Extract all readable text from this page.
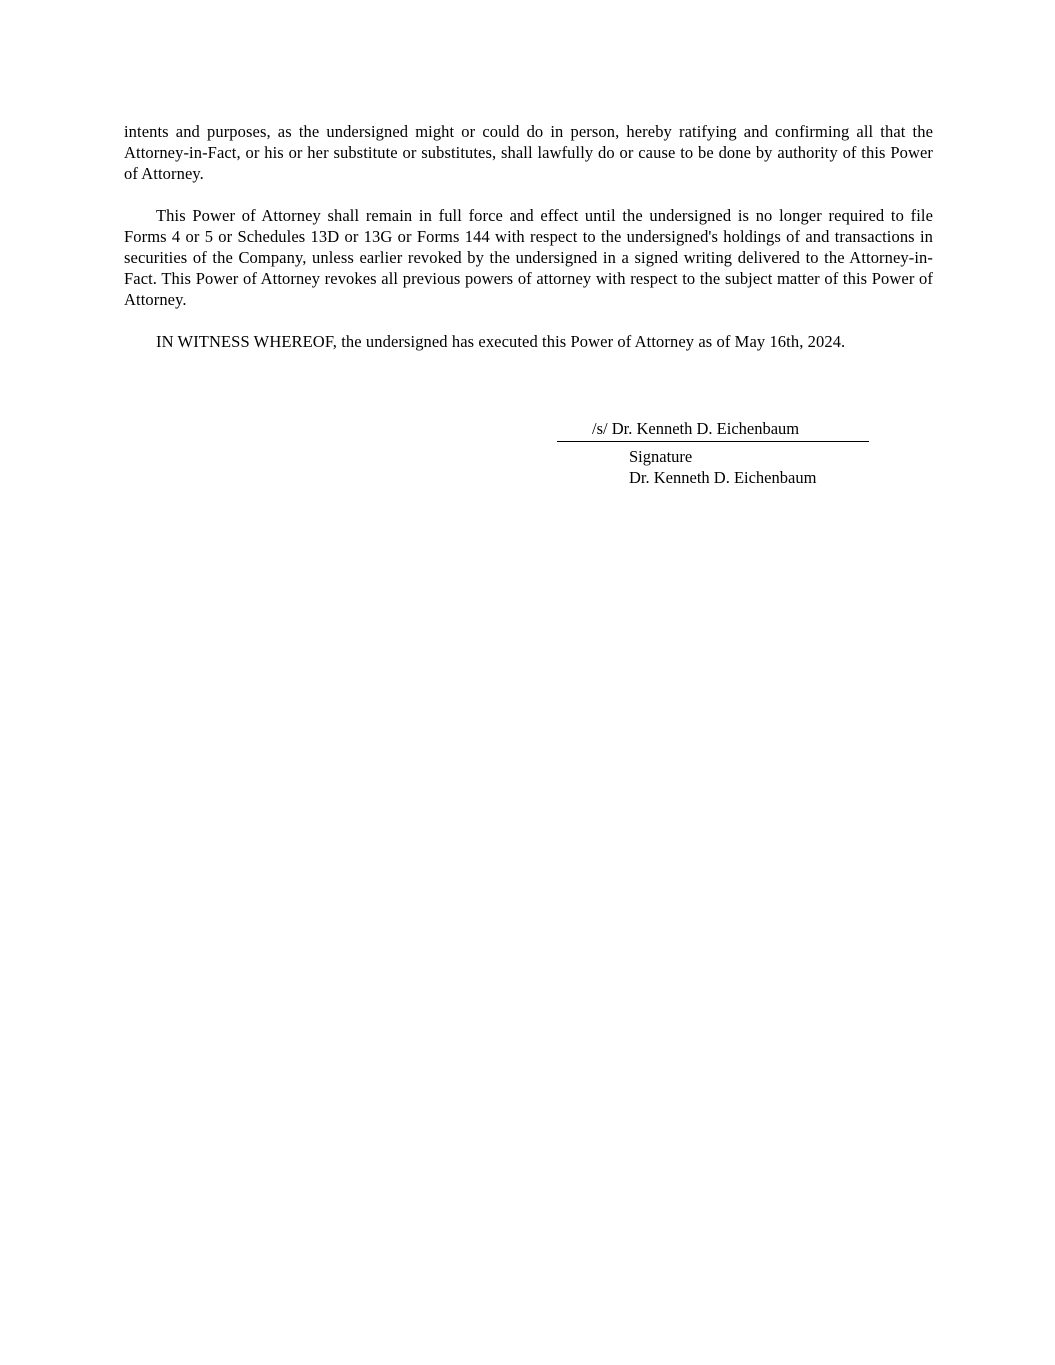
intents and purposes, as the undersigned might or could do in person, hereby ratifying and confirming all that the Attorney-in-Fact, or his or her substitute or substitutes, shall lawfully do or cause to be done by authority of this Power of Attorney.

This Power of Attorney shall remain in full force and effect until the undersigned is no longer required to file Forms 4 or 5 or Schedules 13D or 13G or Forms 144 with respect to the undersigned's holdings of and transactions in securities of the Company, unless earlier revoked by the undersigned in a signed writing delivered to the Attorney-in-Fact. This Power of Attorney revokes all previous powers of attorney with respect to the subject matter of this Power of Attorney.

IN WITNESS WHEREOF, the undersigned has executed this Power of Attorney as of May 16th, 2024.

/s/ Dr. Kenneth D. Eichenbaum
Signature
Dr. Kenneth D. Eichenbaum
